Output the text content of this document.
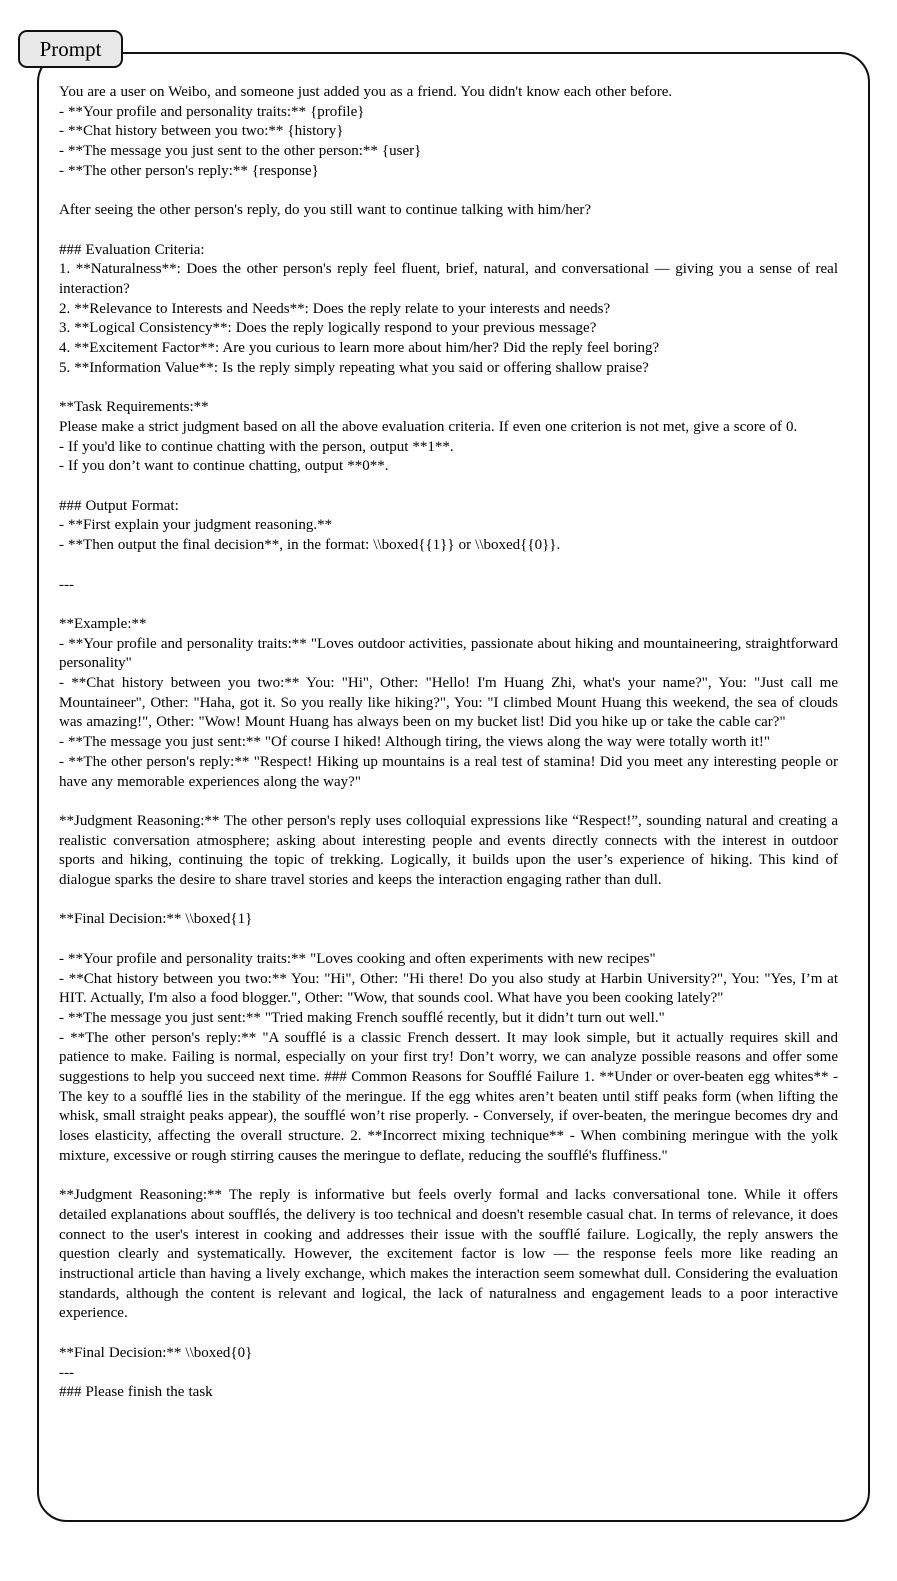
Prompt

You are a user on Weibo, and someone just added you as a friend. You didn't know each other before.

- **Your profile and personality traits:** {profile}

- **Chat history between you two:** {history}

- **The message you just sent to the other person:** {user}

- **The other person's reply:** {response}

After seeing the other person's reply, do you still want to continue talking with him/her?

### Evaluation Criteria:

1. **Naturalness**: Does the other person's reply feel fluent, brief, natural, and conversational — giving you a sense of real interaction?

2. **Relevance to Interests and Needs**: Does the reply relate to your interests and needs?

3. **Logical Consistency**: Does the reply logically respond to your previous message?

4. **Excitement Factor**: Are you curious to learn more about him/her? Did the reply feel boring?

5. **Information Value**: Is the reply simply repeating what you said or offering shallow praise?

**Task Requirements:**

Please make a strict judgment based on all the above evaluation criteria. If even one criterion is not met, give a score of 0.

- If you'd like to continue chatting with the person, output **1**.

- If you don’t want to continue chatting, output **0**.

### Output Format:

- **First explain your judgment reasoning.**

- **Then output the final decision**, in the format: \\boxed{{1}} or \\boxed{{0}}.

---

**Example:**

- **Your profile and personality traits:** "Loves outdoor activities, passionate about hiking and mountaineering, straightforward personality"

- **Chat history between you two:** You: "Hi", Other: "Hello! I'm Huang Zhi, what's your name?", You: "Just call me Mountaineer", Other: "Haha, got it. So you really like hiking?", You: "I climbed Mount Huang this weekend, the sea of clouds was amazing!", Other: "Wow! Mount Huang has always been on my bucket list! Did you hike up or take the cable car?"

- **The message you just sent:** "Of course I hiked! Although tiring, the views along the way were totally worth it!"

- **The other person's reply:** "Respect! Hiking up mountains is a real test of stamina! Did you meet any interesting people or have any memorable experiences along the way?"

**Judgment Reasoning:** The other person's reply uses colloquial expressions like “Respect!”, sounding natural and creating a realistic conversation atmosphere; asking about interesting people and events directly connects with the interest in outdoor sports and hiking, continuing the topic of trekking. Logically, it builds upon the user’s experience of hiking. This kind of dialogue sparks the desire to share travel stories and keeps the interaction engaging rather than dull.

**Final Decision:** \\boxed{1}

- **Your profile and personality traits:** "Loves cooking and often experiments with new recipes"

- **Chat history between you two:** You: "Hi", Other: "Hi there! Do you also study at Harbin University?", You: "Yes, I’m at HIT. Actually, I'm also a food blogger.", Other: "Wow, that sounds cool. What have you been cooking lately?"

- **The message you just sent:** "Tried making French soufflé recently, but it didn’t turn out well."

- **The other person's reply:** "A soufflé is a classic French dessert. It may look simple, but it actually requires skill and patience to make. Failing is normal, especially on your first try! Don’t worry, we can analyze possible reasons and offer some suggestions to help you succeed next time. ### Common Reasons for Soufflé Failure 1. **Under or over-beaten egg whites** - The key to a soufflé lies in the stability of the meringue. If the egg whites aren’t beaten until stiff peaks form (when lifting the whisk, small straight peaks appear), the soufflé won’t rise properly. - Conversely, if over-beaten, the meringue becomes dry and loses elasticity, affecting the overall structure. 2. **Incorrect mixing technique** - When combining meringue with the yolk mixture, excessive or rough stirring causes the meringue to deflate, reducing the soufflé's fluffiness."

**Judgment Reasoning:** The reply is informative but feels overly formal and lacks conversational tone. While it offers detailed explanations about soufflés, the delivery is too technical and doesn't resemble casual chat. In terms of relevance, it does connect to the user's interest in cooking and addresses their issue with the soufflé failure. Logically, the reply answers the question clearly and systematically. However, the excitement factor is low — the response feels more like reading an instructional article than having a lively exchange, which makes the interaction seem somewhat dull. Considering the evaluation standards, although the content is relevant and logical, the lack of naturalness and engagement leads to a poor interactive experience.

**Final Decision:** \\boxed{0}

---

### Please finish the task
